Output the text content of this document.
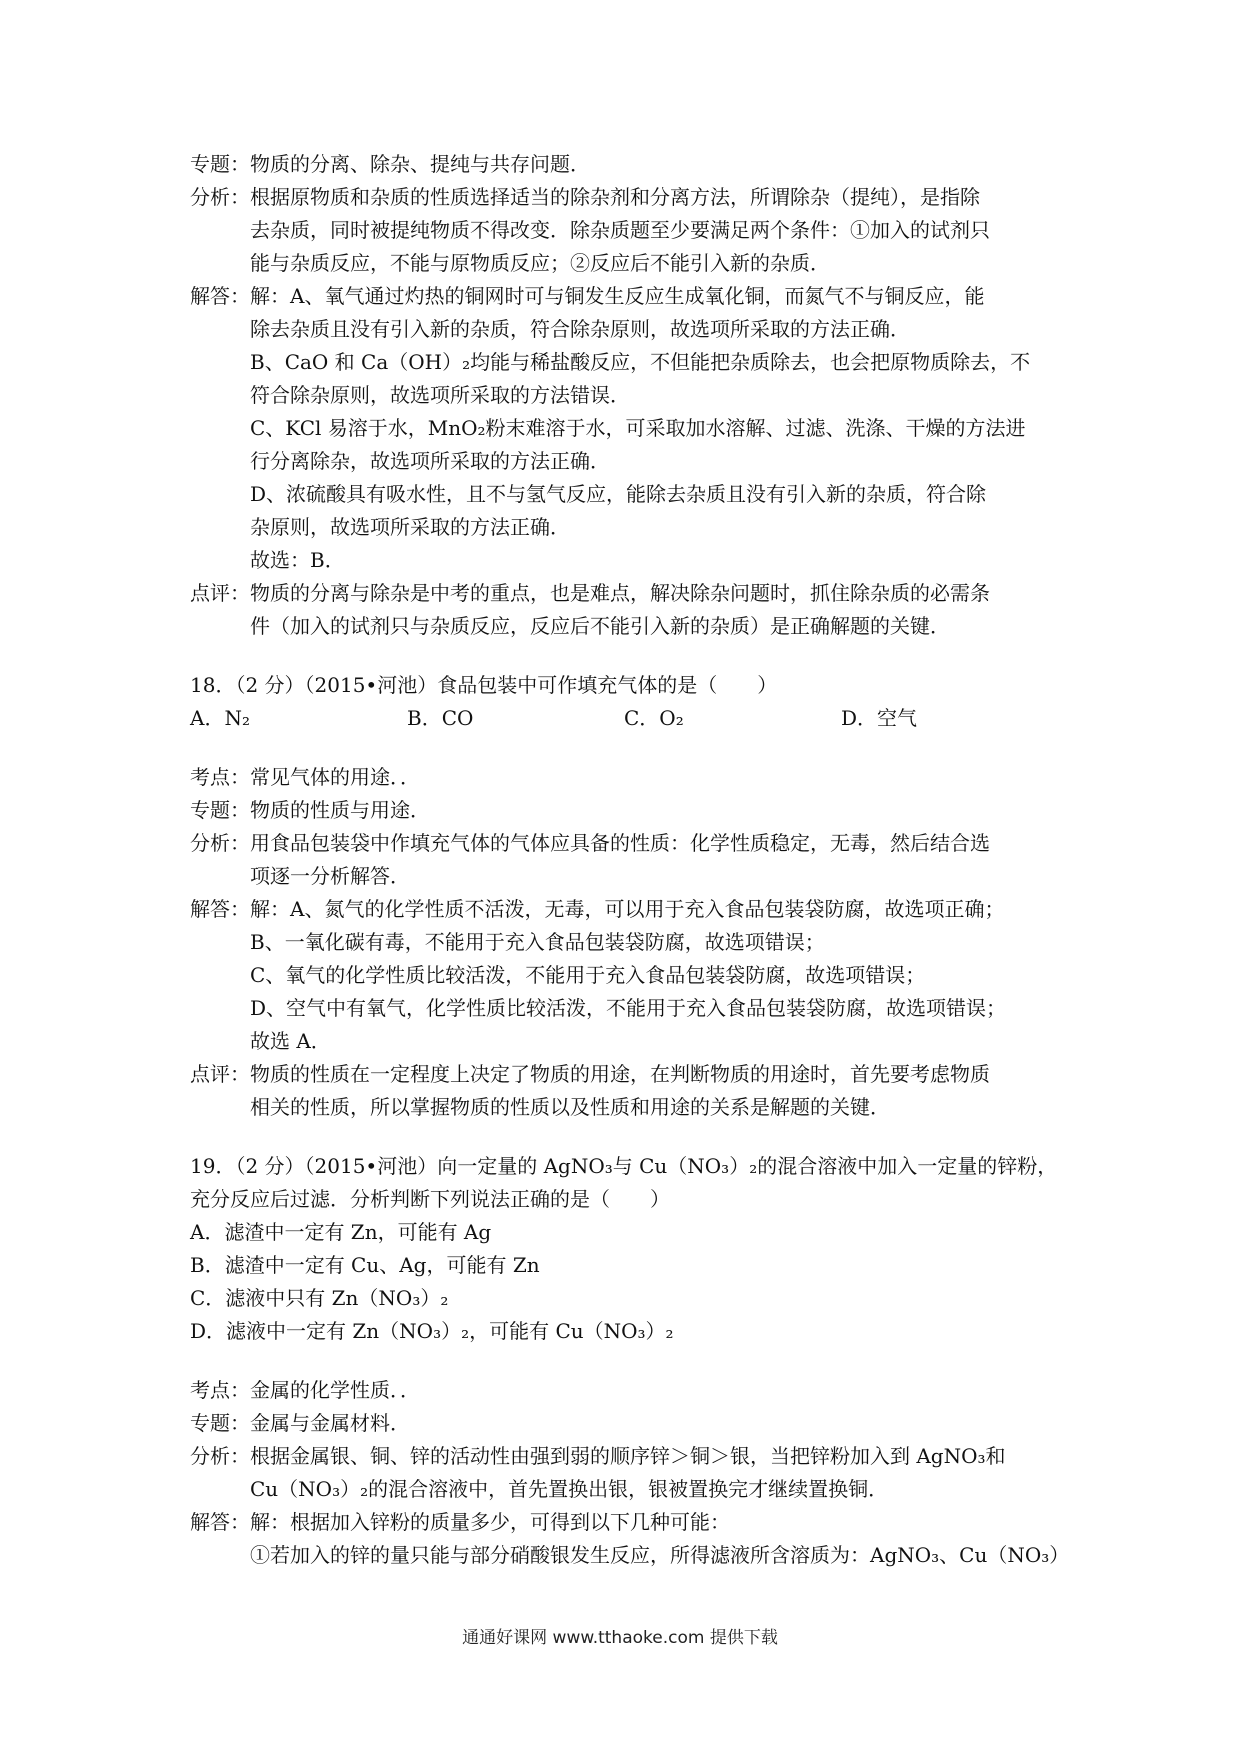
专题： 物质的分离、除杂、提纯与共存问题．

分析： 根据原物质和杂质的性质选择适当的除杂剂和分离方法，所谓除杂（提纯），是指除

去杂质，同时被提纯物质不得改变．除杂质题至少要满足两个条件：①加入的试剂只

能与杂质反应，不能与原物质反应；②反应后不能引入新的杂质．

解答： 解：A、氧气通过灼热的铜网时可与铜发生反应生成氧化铜，而氮气不与铜反应，能

除去杂质且没有引入新的杂质，符合除杂原则，故选项所采取的方法正确．

B、CaO 和 Ca（OH）₂均能与稀盐酸反应，不但能把杂质除去，也会把原物质除去，不

符合除杂原则，故选项所采取的方法错误．

C、KCl 易溶于水，MnO₂粉末难溶于水，可采取加水溶解、过滤、洗涤、干燥的方法进

行分离除杂，故选项所采取的方法正确．

D、浓硫酸具有吸水性，且不与氢气反应，能除去杂质且没有引入新的杂质，符合除

杂原则，故选项所采取的方法正确．

故选：B．

点评： 物质的分离与除杂是中考的重点，也是难点，解决除杂问题时，抓住除杂质的必需条

件（加入的试剂只与杂质反应，反应后不能引入新的杂质）是正确解题的关键．

18．（2 分）（2015•河池）食品包装中可作填充气体的是（　　）

A．N₂	B．CO	C．O₂	D．空气
考点： 常见气体的用途．．

专题： 物质的性质与用途．

分析： 用食品包装袋中作填充气体的气体应具备的性质：化学性质稳定，无毒，然后结合选

项逐一分析解答．

解答： 解：A、氮气的化学性质不活泼，无毒，可以用于充入食品包装袋防腐，故选项正确；

B、一氧化碳有毒，不能用于充入食品包装袋防腐，故选项错误；

C、氧气的化学性质比较活泼，不能用于充入食品包装袋防腐，故选项错误；

D、空气中有氧气，化学性质比较活泼，不能用于充入食品包装袋防腐，故选项错误；

故选 A．

点评： 物质的性质在一定程度上决定了物质的用途，在判断物质的用途时，首先要考虑物质

相关的性质，所以掌握物质的性质以及性质和用途的关系是解题的关键．

19．（2 分）（2015•河池）向一定量的 AgNO₃与 Cu（NO₃）₂的混合溶液中加入一定量的锌粉，

充分反应后过滤．分析判断下列说法正确的是（　　）

A．滤渣中一定有 Zn，可能有 Ag

B．滤渣中一定有 Cu、Ag，可能有 Zn

C．滤液中只有 Zn（NO₃）₂

D．滤液中一定有 Zn（NO₃）₂，可能有 Cu（NO₃）₂

考点： 金属的化学性质．．

专题： 金属与金属材料．

分析： 根据金属银、铜、锌的活动性由强到弱的顺序锌＞铜＞银，当把锌粉加入到 AgNO₃和

Cu（NO₃）₂的混合溶液中，首先置换出银，银被置换完才继续置换铜．

解答： 解：根据加入锌粉的质量多少，可得到以下几种可能：

①若加入的锌的量只能与部分硝酸银发生反应，所得滤液所含溶质为：AgNO₃、Cu（NO₃）

通通好课网 www.tthaoke.com 提供下载
